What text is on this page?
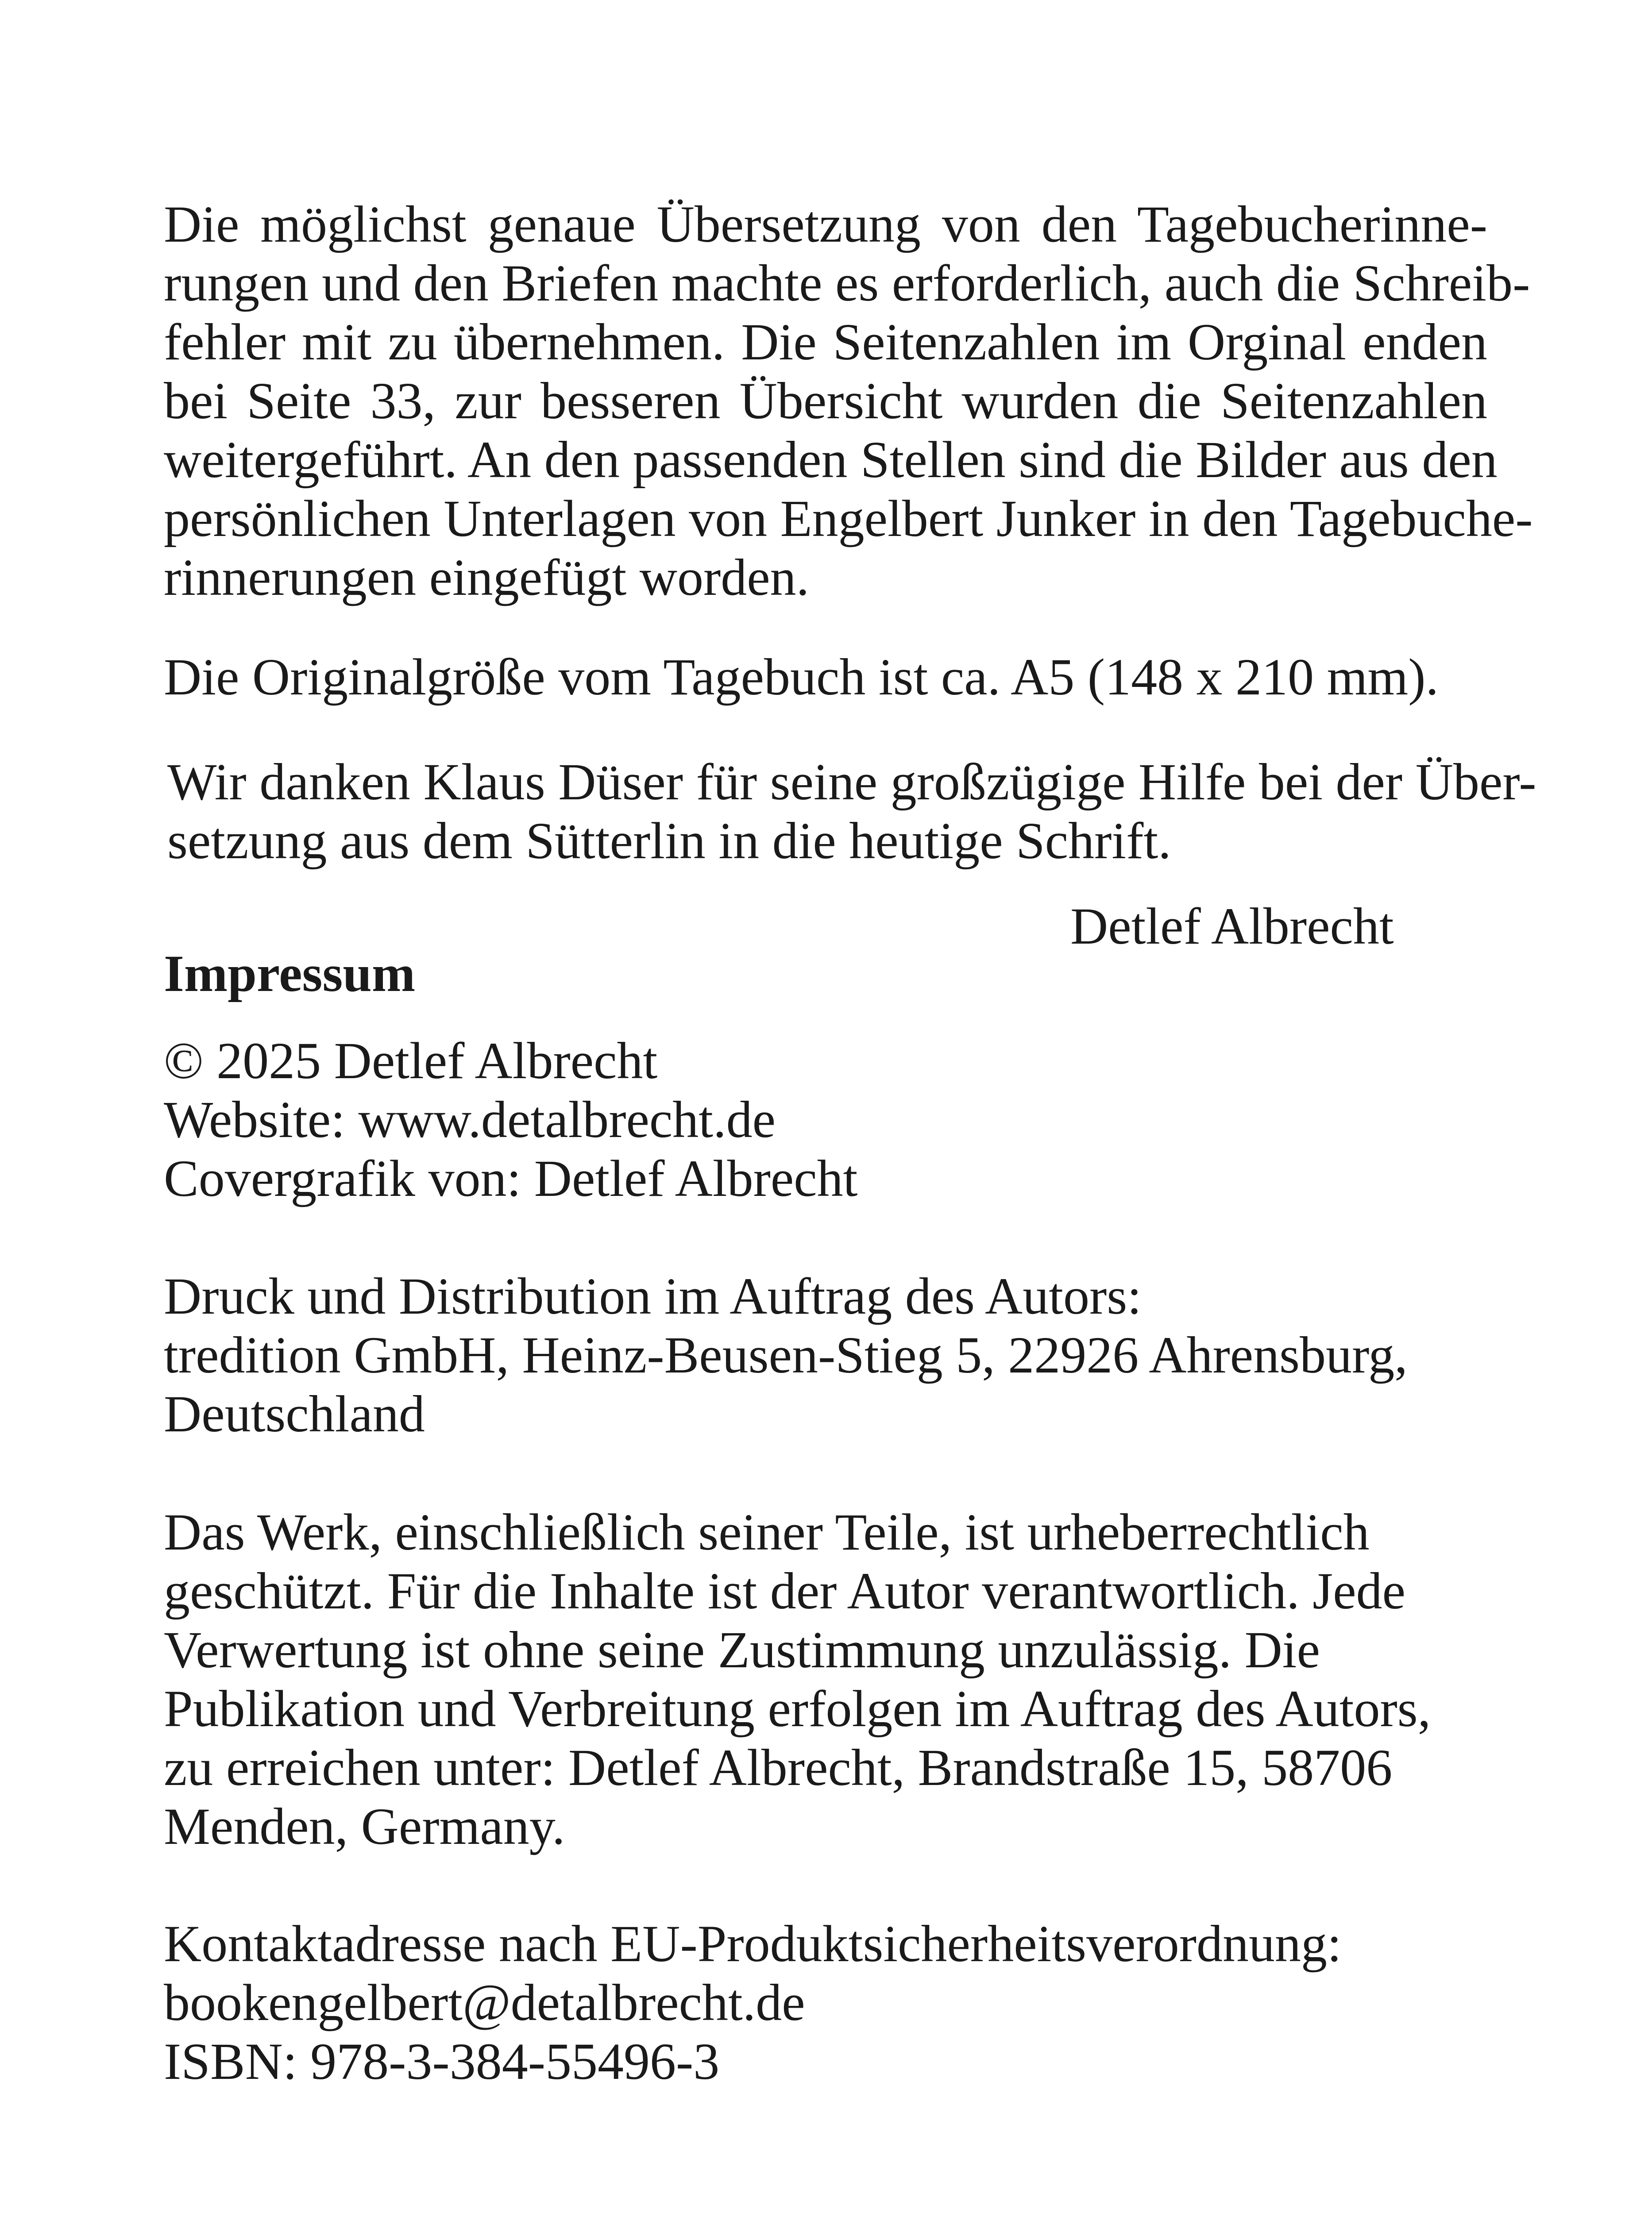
Die möglichst genaue Übersetzung von den Tagebucherinne-
rungen und den Briefen machte es erforderlich, auch die Schreib-
fehler mit zu übernehmen. Die Seitenzahlen im Orginal enden
bei Seite 33, zur besseren Übersicht wurden die Seitenzahlen
weitergeführt. An den passenden Stellen sind die Bilder aus den
persönlichen Unterlagen von Engelbert Junker in den Tagebuche-
rinnerungen eingefügt worden.

Die Originalgröße vom Tagebuch ist ca. A5 (148 x 210 mm).

Wir danken Klaus Düser für seine großzügige Hilfe bei der Über-
setzung aus dem Sütterlin in die heutige Schrift.

Detlef Albrecht

Impressum

© 2025 Detlef Albrecht
Website: www.detalbrecht.de
Covergrafik von: Detlef Albrecht
Druck und Distribution im Auftrag des Autors:
tredition GmbH, Heinz-Beusen-Stieg 5, 22926 Ahrensburg,
Deutschland
Das Werk, einschließlich seiner Teile, ist urheberrechtlich
geschützt. Für die Inhalte ist der Autor verantwortlich. Jede
Verwertung ist ohne seine Zustimmung unzulässig. Die
Publikation und Verbreitung erfolgen im Auftrag des Autors,
zu erreichen unter: Detlef Albrecht, Brandstraße 15, 58706
Menden, Germany.
Kontaktadresse nach EU-Produktsicherheitsverordnung:
bookengelbert@detalbrecht.de
ISBN: 978-3-384-55496-3
